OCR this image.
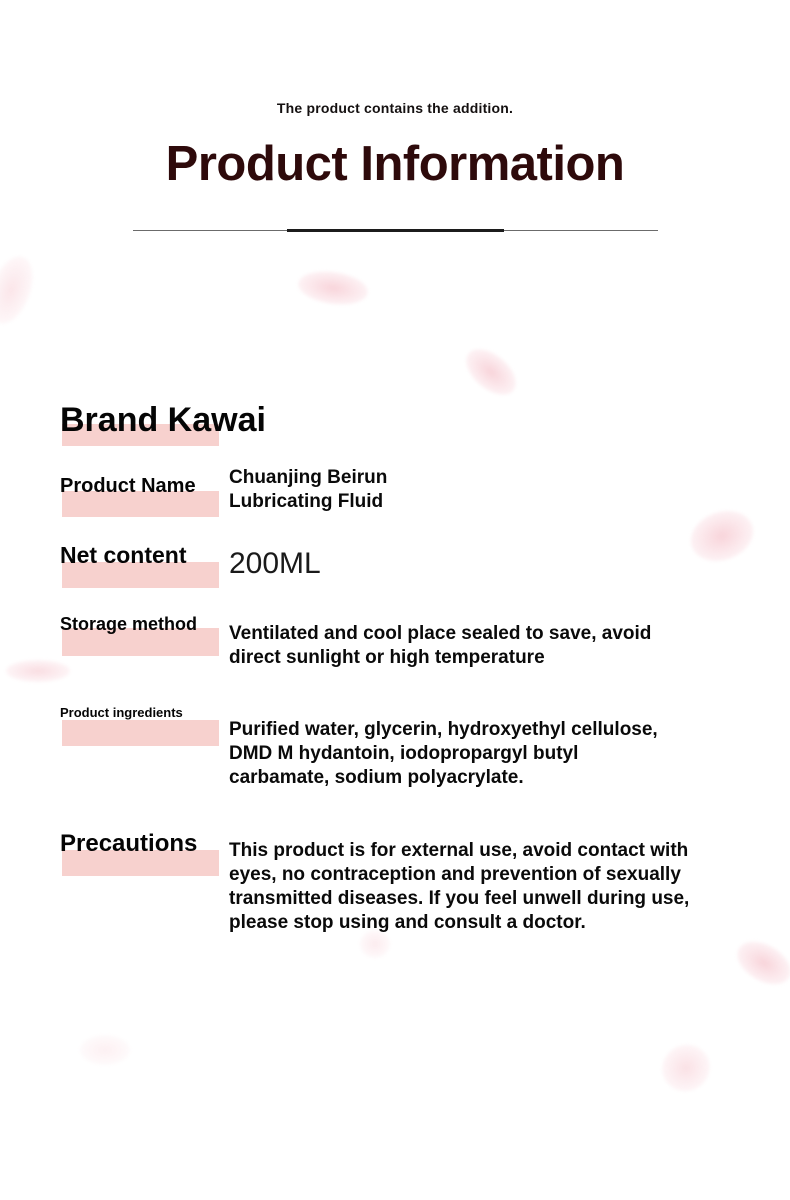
The product contains the addition.
Product Information
Brand Kawai
Product Name Chuanjing Beirun
Lubricating Fluid
Net content 200ML
Storage method Ventilated and cool place sealed to save, avoid
direct sunlight or high temperature
Product ingredients
Purified water, glycerin, hydroxyethyl cellulose,
DMD M hydantoin, iodopropargyl butyl
carbamate, sodium polyacrylate.
Precautions This product is for external use, avoid contact with
eyes, no contraception and prevention of sexually
transmitted diseases. If you feel unwell during use,
please stop using and consult a doctor.
